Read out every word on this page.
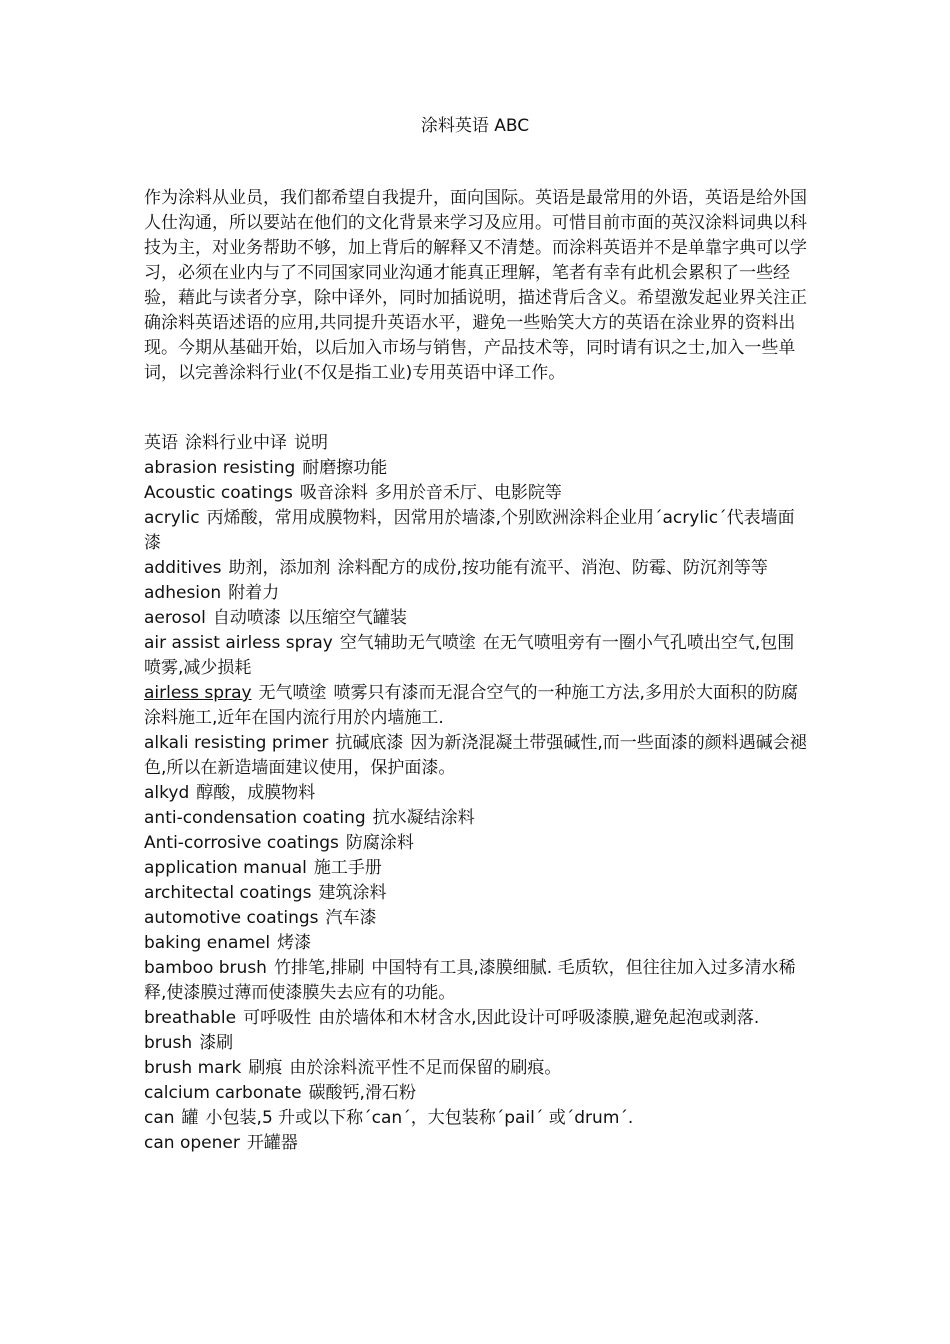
涂料英语 ABC

作为涂料从业员，我们都希望自我提升，面向国际。英语是最常用的外语，英语是给外国人仕沟通，所以要站在他们的文化背景来学习及应用。可惜目前市面的英汉涂料词典以科技为主，对业务帮助不够，加上背后的解释又不清楚。而涂料英语并不是单靠字典可以学习，必须在业内与了不同国家同业沟通才能真正理解，笔者有幸有此机会累积了一些经验，藉此与读者分享，除中译外，同时加插说明，描述背后含义。希望激发起业界关注正确涂料英语述语的应用,共同提升英语水平，避免一些贻笑大方的英语在涂业界的资料出现。今期从基础开始，以后加入市场与销售，产品技术等，同时请有识之士,加入一些单词，以完善涂料行业(不仅是指工业)专用英语中译工作。

英语 涂料行业中译 说明

abrasion resisting 耐磨擦功能

Acoustic coatings 吸音涂料 多用於音禾厅、电影院等

acrylic 丙烯酸，常用成膜物料，因常用於墙漆,个别欧洲涂料企业用´acrylic´代表墙面漆

additives 助剂，添加剂 涂料配方的成份,按功能有流平、消泡、防霉、防沉剂等等

adhesion 附着力

aerosol 自动喷漆 以压缩空气罐装

air assist airless spray 空气辅助无气喷塗 在无气喷咀旁有一圈小气孔喷出空气,包围喷雾,减少损耗

airless spray 无气喷塗 喷雾只有漆而无混合空气的一种施工方法,多用於大面积的防腐涂料施工,近年在国内流行用於内墙施工.

alkali resisting primer 抗碱底漆 因为新浇混凝土带强碱性,而一些面漆的颜料遇碱会褪色,所以在新造墙面建议使用，保护面漆。

alkyd 醇酸，成膜物料

anti-condensation coating 抗水凝结涂料

Anti-corrosive coatings 防腐涂料

application manual 施工手册

architectal coatings 建筑涂料

automotive coatings 汽车漆

baking enamel 烤漆

bamboo brush 竹排笔,排刷 中国特有工具,漆膜细腻. 毛质软，但往往加入过多清水稀释,使漆膜过薄而使漆膜失去应有的功能。

breathable 可呼吸性 由於墙体和木材含水,因此设计可呼吸漆膜,避免起泡或剥落.

brush 漆刷

brush mark 刷痕 由於涂料流平性不足而保留的刷痕。

calcium carbonate 碳酸钙,滑石粉

can 罐 小包装,5 升或以下称´can´，大包装称´pail´ 或´drum´.

can opener 开罐器
